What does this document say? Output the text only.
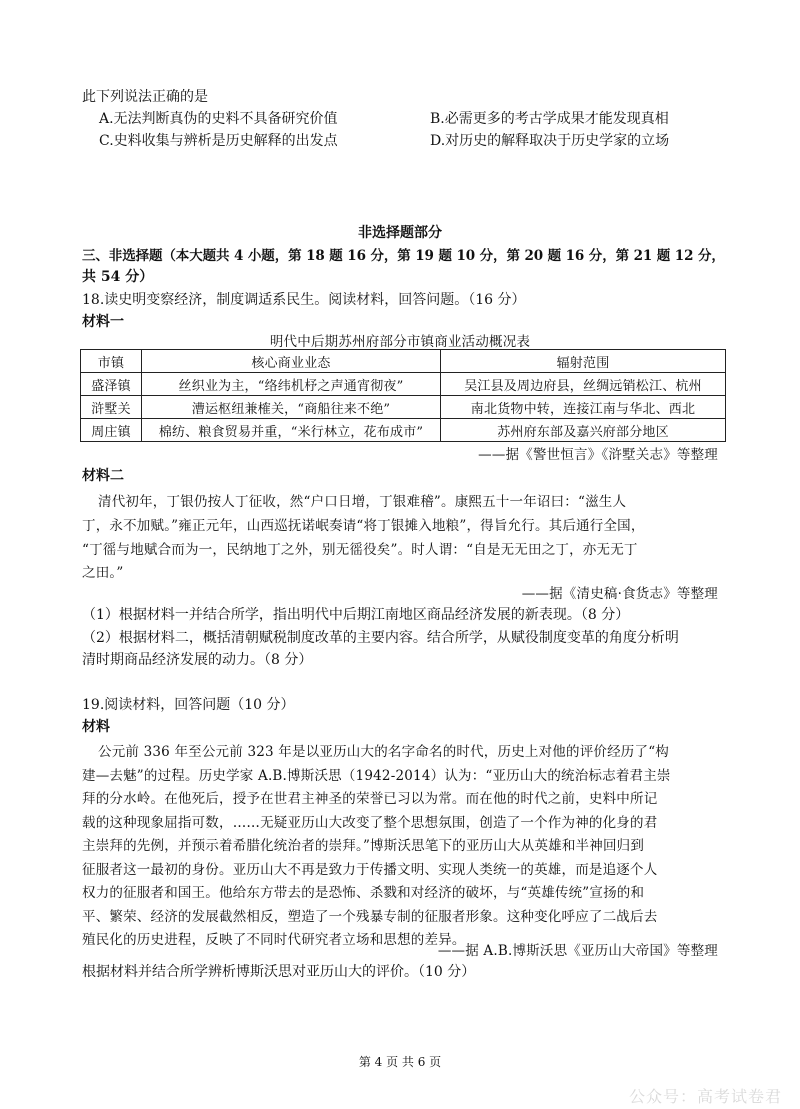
此下列说法正确的是
A.无法判断真伪的史料不具备研究价值	B.必需更多的考古学成果才能发现真相
C.史料收集与辨析是历史解释的出发点	D.对历史的解释取决于历史学家的立场
非选择题部分
三、非选择题（本大题共 4 小题，第 18 题 16 分，第 19 题 10 分，第 20 题 16 分，第 21 题 12 分，
共 54 分）
18.读史明变察经济，制度调适系民生。阅读材料，回答问题。（16 分）
材料一
明代中后期苏州府部分市镇商业活动概况表
市镇	核心商业业态	辐射范围
盛泽镇	丝织业为主，“络纬机杼之声通宵彻夜”	吴江县及周边府县，丝绸远销松江、杭州
浒墅关	漕运枢纽兼榷关，“商船往来不绝”	南北货物中转，连接江南与华北、西北
周庄镇	棉纺、粮食贸易并重，“米行林立，花布成市”	苏州府东部及嘉兴府部分地区
——据《警世恒言》《浒墅关志》等整理
材料二
清代初年，丁银仍按人丁征收，然“户口日增，丁银难稽”。康熙五十一年诏曰：“滋生人
丁，永不加赋。”雍正元年，山西巡抚诺岷奏请“将丁银摊入地粮”，得旨允行。其后通行全国，
“丁徭与地赋合而为一，民纳地丁之外，别无徭役矣”。时人谓：“自是无无田之丁，亦无无丁
之田。”
——据《清史稿·食货志》等整理
（1）根据材料一并结合所学，指出明代中后期江南地区商品经济发展的新表现。（8 分）
（2）根据材料二，概括清朝赋税制度改革的主要内容。结合所学，从赋役制度变革的角度分析明
清时期商品经济发展的动力。（8 分）
19.阅读材料，回答问题（10 分）
材料
公元前 336 年至公元前 323 年是以亚历山大的名字命名的时代，历史上对他的评价经历了“构
建—去魅”的过程。历史学家 A.B.博斯沃思（1942-2014）认为：“亚历山大的统治标志着君主崇
拜的分水岭。在他死后，授予在世君主神圣的荣誉已习以为常。而在他的时代之前，史料中所记
载的这种现象屈指可数，……无疑亚历山大改变了整个思想氛围，创造了一个作为神的化身的君
主崇拜的先例，并预示着希腊化统治者的崇拜。”博斯沃思笔下的亚历山大从英雄和半神回归到
征服者这一最初的身份。亚历山大不再是致力于传播文明、实现人类统一的英雄，而是追逐个人
权力的征服者和国王。他给东方带去的是恐怖、杀戮和对经济的破坏，与“英雄传统”宣扬的和
平、繁荣、经济的发展截然相反，塑造了一个残暴专制的征服者形象。这种变化呼应了二战后去
殖民化的历史进程，反映了不同时代研究者立场和思想的差异。
——据 A.B.博斯沃思《亚历山大帝国》等整理
根据材料并结合所学辨析博斯沃思对亚历山大的评价。（10 分）
第 4 页 共 6 页
公众号：高考试卷君
